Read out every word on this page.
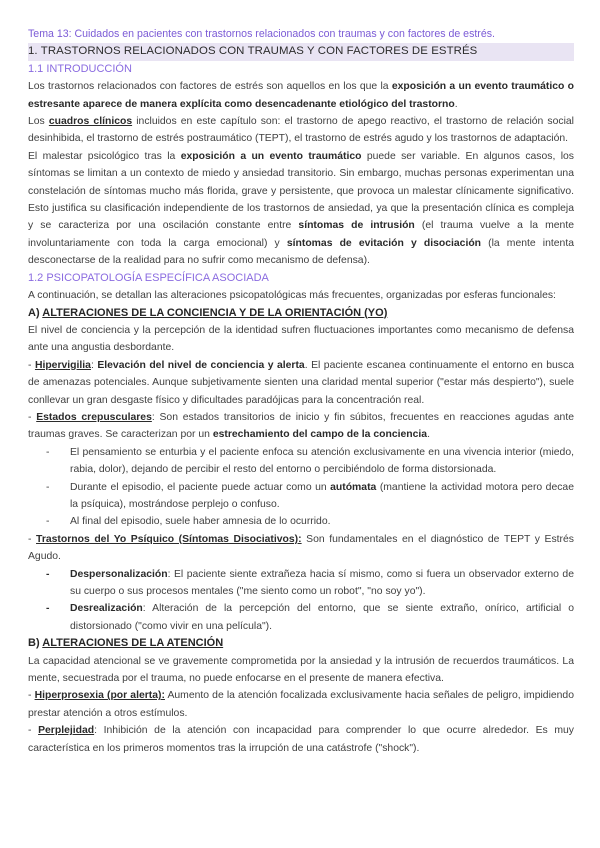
Tema 13: Cuidados en pacientes con trastornos relacionados con traumas y con factores de estrés.

1. TRASTORNOS RELACIONADOS CON TRAUMAS Y CON FACTORES DE ESTRÉS

1.1 INTRODUCCIÓN

Los trastornos relacionados con factores de estrés son aquellos en los que la exposición a un evento traumático o estresante aparece de manera explícita como desencadenante etiológico del trastorno.

Los cuadros clínicos incluidos en este capítulo son: el trastorno de apego reactivo, el trastorno de relación social desinhibida, el trastorno de estrés postraumático (TEPT), el trastorno de estrés agudo y los trastornos de adaptación.

El malestar psicológico tras la exposición a un evento traumático puede ser variable. En algunos casos, los síntomas se limitan a un contexto de miedo y ansiedad transitorio. Sin embargo, muchas personas experimentan una constelación de síntomas mucho más florida, grave y persistente, que provoca un malestar clínicamente significativo. Esto justifica su clasificación independiente de los trastornos de ansiedad, ya que la presentación clínica es compleja y se caracteriza por una oscilación constante entre síntomas de intrusión (el trauma vuelve a la mente involuntariamente con toda la carga emocional) y síntomas de evitación y disociación (la mente intenta desconectarse de la realidad para no sufrir como mecanismo de defensa).

1.2 PSICOPATOLOGÍA ESPECÍFICA ASOCIADA

A continuación, se detallan las alteraciones psicopatológicas más frecuentes, organizadas por esferas funcionales:

A) ALTERACIONES DE LA CONCIENCIA Y DE LA ORIENTACIÓN (YO)

El nivel de conciencia y la percepción de la identidad sufren fluctuaciones importantes como mecanismo de defensa ante una angustia desbordante.

- Hipervigilia: Elevación del nivel de conciencia y alerta. El paciente escanea continuamente el entorno en busca de amenazas potenciales. Aunque subjetivamente sienten una claridad mental superior ("estar más despierto"), suele conllevar un gran desgaste físico y dificultades paradójicas para la concentración real.

- Estados crepusculares: Son estados transitorios de inicio y fin súbitos, frecuentes en reacciones agudas ante traumas graves. Se caracterizan por un estrechamiento del campo de la conciencia.

- El pensamiento se enturbia y el paciente enfoca su atención exclusivamente en una vivencia interior (miedo, rabia, dolor), dejando de percibir el resto del entorno o percibiéndolo de forma distorsionada.
- Durante el episodio, el paciente puede actuar como un autómata (mantiene la actividad motora pero decae la psíquica), mostrándose perplejo o confuso.
- Al final del episodio, suele haber amnesia de lo ocurrido.

- Trastornos del Yo Psíquico (Síntomas Disociativos): Son fundamentales en el diagnóstico de TEPT y Estrés Agudo.

- Despersonalización: El paciente siente extrañeza hacia sí mismo, como si fuera un observador externo de su cuerpo o sus procesos mentales ("me siento como un robot", "no soy yo").
- Desrealización: Alteración de la percepción del entorno, que se siente extraño, onírico, artificial o distorsionado ("como vivir en una película").

B) ALTERACIONES DE LA ATENCIÓN

La capacidad atencional se ve gravemente comprometida por la ansiedad y la intrusión de recuerdos traumáticos. La mente, secuestrada por el trauma, no puede enfocarse en el presente de manera efectiva.

- Hiperprosexia (por alerta): Aumento de la atención focalizada exclusivamente hacia señales de peligro, impidiendo prestar atención a otros estímulos.

- Perplejidad: Inhibición de la atención con incapacidad para comprender lo que ocurre alrededor. Es muy característica en los primeros momentos tras la irrupción de una catástrofe ("shock").
